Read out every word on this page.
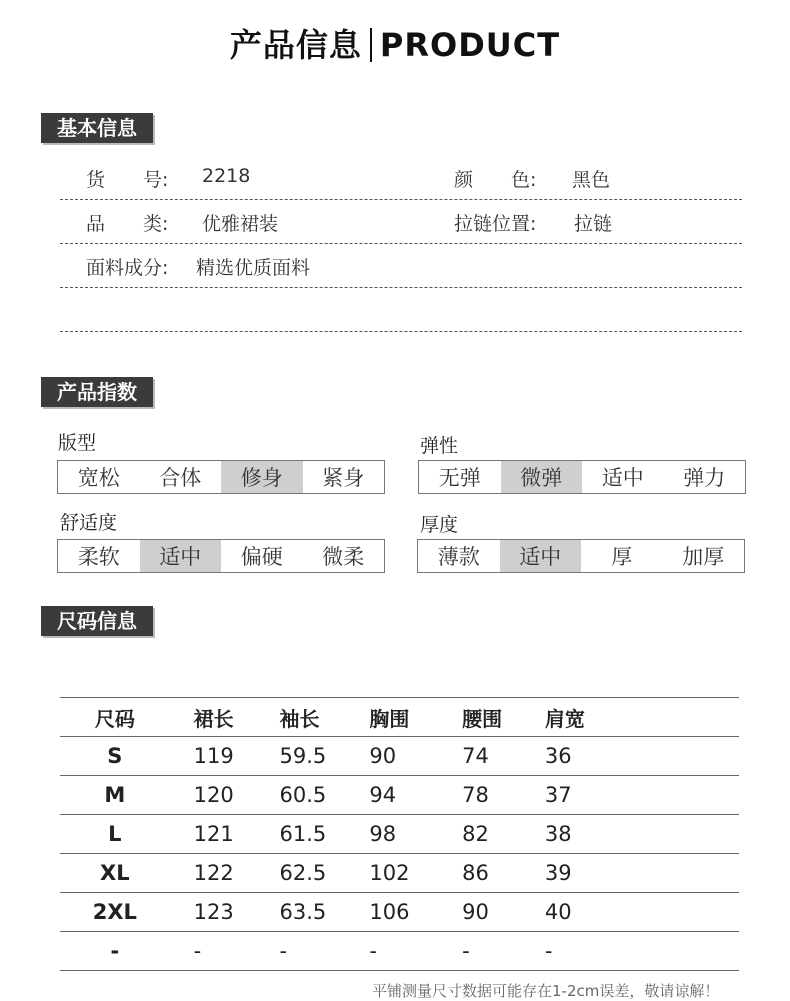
产品信息 PRODUCT
基本信息
货　　号: 2218	颜　　色: 黑色
品　　类: 优雅裙装	拉链位置: 拉链
面料成分: 精选优质面料
产品指数
版型
宽松	合体	修身	紧身
弹性
无弹	微弹	适中	弹力
舒适度
柔软	适中	偏硬	微柔
厚度
薄款	适中	厚	加厚
尺码信息
尺码	裙长	袖长	胸围	腰围	肩宽
S	119	59.5	90	74	36
M	120	60.5	94	78	37
L	121	61.5	98	82	38
XL	122	62.5	102	86	39
2XL	123	63.5	106	90	40
-	-	-	-	-	-
平铺测量尺寸数据可能存在1-2cm误差，敬请谅解！
